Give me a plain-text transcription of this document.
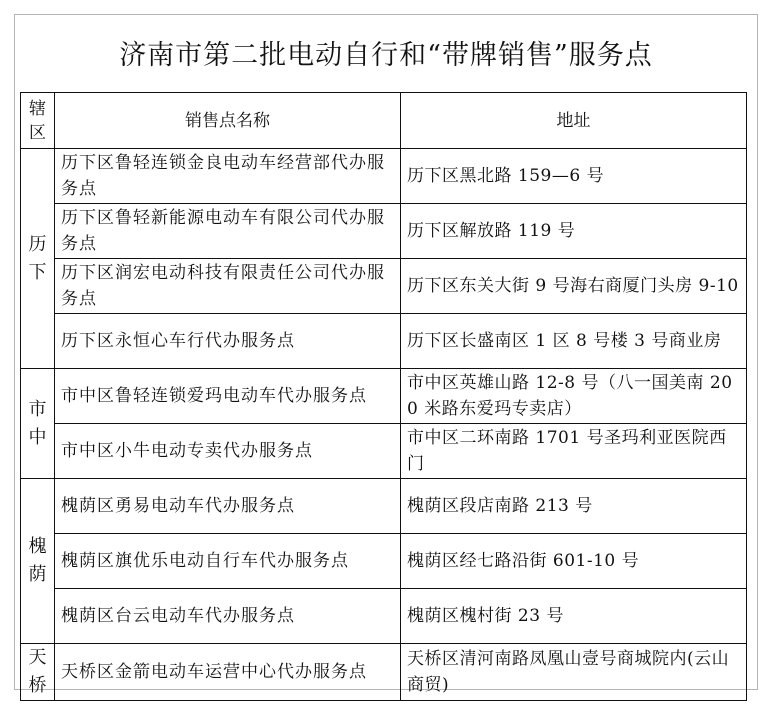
济南市第二批电动自行和“带牌销售”服务点
辖区	销售点名称	地址
历下	历下区鲁轻连锁金良电动车经营部代办服务点	历下区黑北路 159—6 号
	历下区鲁轻新能源电动车有限公司代办服务点	历下区解放路 119 号
	历下区润宏电动科技有限责任公司代办服务点	历下区东关大街 9 号海右商厦门头房 9-10
	历下区永恒心车行代办服务点	历下区长盛南区 1 区 8 号楼 3 号商业房
市中	市中区鲁轻连锁爱玛电动车代办服务点	市中区英雄山路 12-8 号（八一国美南 200 米路东爱玛专卖店）
	市中区小牛电动专卖代办服务点	市中区二环南路 1701 号圣玛利亚医院西门
槐荫	槐荫区勇易电动车代办服务点	槐荫区段店南路 213 号
	槐荫区旗优乐电动自行车代办服务点	槐荫区经七路沿街 601-10 号
	槐荫区台云电动车代办服务点	槐荫区槐村街 23 号
天桥	天桥区金箭电动车运营中心代办服务点	天桥区清河南路凤凰山壹号商城院内(云山商贸)
